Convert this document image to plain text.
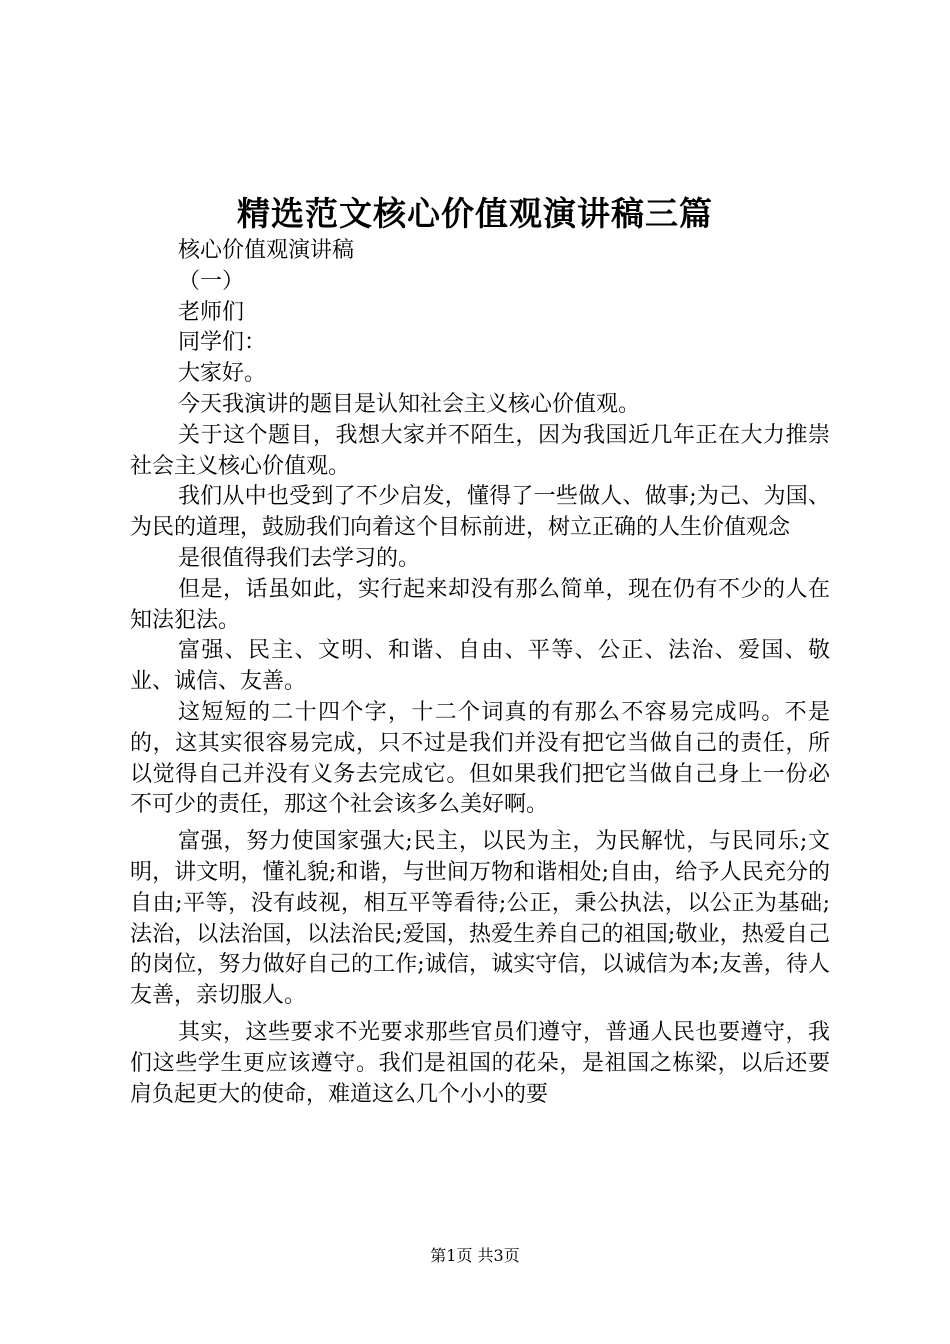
精选范文核心价值观演讲稿三篇

核心价值观演讲稿

（一）

老师们

同学们：

大家好。

今天我演讲的题目是认知社会主义核心价值观。

关于这个题目，我想大家并不陌生，因为我国近几年正在大力推崇社会主义核心价值观。

我们从中也受到了不少启发，懂得了一些做人、做事;为己、为国、为民的道理，鼓励我们向着这个目标前进，树立正确的人生价值观念

是很值得我们去学习的。

但是，话虽如此，实行起来却没有那么简单，现在仍有不少的人在知法犯法。

富强、民主、文明、和谐、自由、平等、公正、法治、爱国、敬业、诚信、友善。

这短短的二十四个字，十二个词真的有那么不容易完成吗。不是的，这其实很容易完成，只不过是我们并没有把它当做自己的责任，所以觉得自己并没有义务去完成它。但如果我们把它当做自己身上一份必不可少的责任，那这个社会该多么美好啊。

富强，努力使国家强大;民主，以民为主，为民解忧，与民同乐;文明，讲文明，懂礼貌;和谐，与世间万物和谐相处;自由，给予人民充分的自由;平等，没有歧视，相互平等看待;公正，秉公执法，以公正为基础;法治，以法治国，以法治民;爱国，热爱生养自己的祖国;敬业，热爱自己的岗位，努力做好自己的工作;诚信，诚实守信，以诚信为本;友善，待人友善，亲切服人。

其实，这些要求不光要求那些官员们遵守，普通人民也要遵守，我们这些学生更应该遵守。我们是祖国的花朵，是祖国之栋梁，以后还要肩负起更大的使命，难道这么几个小小的要

第1页 共3页
